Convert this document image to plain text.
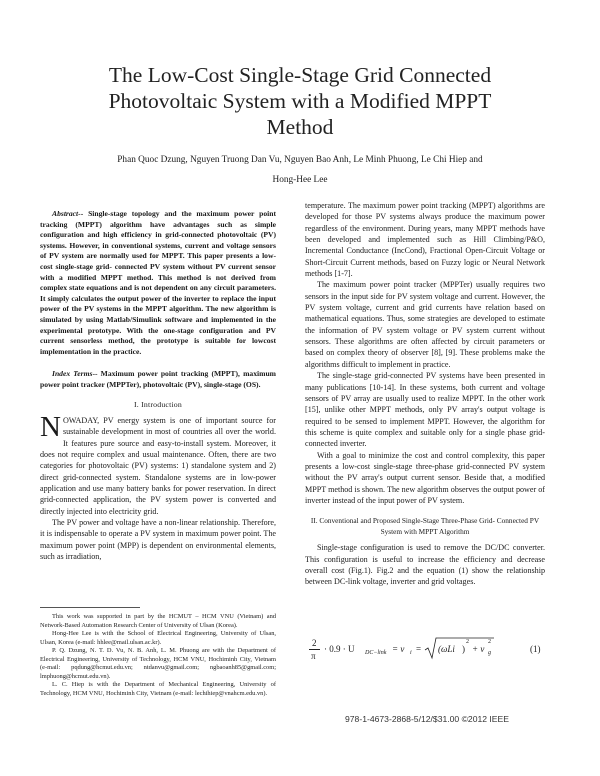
The Low-Cost Single-Stage Grid Connected
Photovoltaic System with a Modified MPPT
Method
Phan Quoc Dzung, Nguyen Truong Dan Vu, Nguyen Bao Anh, Le Minh Phuong, Le Chi Hiep and
Hong-Hee Lee

Abstract-- Single-stage topology and the maximum power point tracking (MPPT) algorithm have advantages such as simple configuration and high efficiency in grid-connected photovoltaic (PV) systems. However, in conventional systems, current and voltage sensors of PV system are normally used for MPPT. This paper presents a low-cost single-stage grid- connected PV system without PV current sensor with a modified MPPT method. This method is not derived from complex state equations and is not dependent on any circuit parameters. It simply calculates the output power of the inverter to replace the input power of the PV systems in the MPPT algorithm. The new algorithm is simulated by using Matlab/Simulink software and implemented in the experimental prototype. With the one-stage configuration and PV current sensorless method, the prototype is suitable for lowcost implementation in the practice.

Index Terms-- Maximum power point tracking (MPPT), maximum power point tracker (MPPTer), photovoltaic (PV), single-stage (OS).

I. Introduction

NOWADAY, PV energy system is one of important source for sustainable development in most of countries all over the world. It features pure source and easy-to-install system. Moreover, it does not require complex and usual maintenance. Often, there are two categories for photovoltaic (PV) systems: 1) standalone system and 2) direct grid-connected system. Standalone systems are in low-power application and use many battery banks for power reservation. In direct grid-connected application, the PV system power is converted and directly injected into electricity grid.

The PV power and voltage have a non-linear relationship. Therefore, it is indispensable to operate a PV system in maximum power point. The maximum power point (MPP) is dependent on environmental elements, such as irradiation,

This work was supported in part by the HCMUT – HCM VNU (Vietnam) and Network-Based Automation Research Center of University of Ulsan (Korea).

Hong-Hee Lee is with the School of Electrical Engineering, University of Ulsan, Ulsan, Korea (e-mail: hhlee@mail.ulsan.ac.kr).

P. Q. Dzung, N. T. D. Vu, N. B. Anh, L. M. Phuong are with the Department of Electrical Engineering, University of Technology, HCM VNU, Hochiminh City, Vietnam (e-mail: pqdung@hcmut.edu.vn; ntdanvu@gmail.com; ngbaoanh85@gmail.com; lmphuong@hcmut.edu.vn).

L. C. Hiep is with the Department of Mechanical Engineering, University of Technology, HCM VNU, Hochiminh City, Vietnam (e-mail: lechihiep@vnahcm.edu.vn).

temperature. The maximum power point tracking (MPPT) algorithms are developed for those PV systems always produce the maximum power regardless of the environment. During years, many MPPT methods have been developed and implemented such as Hill Climbing/P&O, Incremental Conductance (IncCond), Fractional Open-Circuit Voltage or Short-Circuit Current methods, based on Fuzzy logic or Neural Network methods [1-7].

The maximum power point tracker (MPPTer) usually requires two sensors in the input side for PV system voltage and current. However, the PV system voltage, current and grid currents have relation based on mathematical equations. Thus, some strategies are developed to estimate the information of PV system voltage or PV system current without sensors. These algorithms are often affected by circuit parameters or based on complex theory of observer [8], [9]. These problems make the algorithms difficult to implement in practice.

The single-stage grid-connected PV systems have been presented in many publications [10-14]. In these systems, both current and voltage sensors of PV array are usually used to realize MPPT. In the other work [15], unlike other MPPT methods, only PV array's output voltage is required to be sensed to implement MPPT. However, the algorithm for this scheme is quite complex and suitable only for a single phase grid-connected inverter.

With a goal to minimize the cost and control complexity, this paper presents a low-cost single-stage three-phase grid-connected PV system without the PV array's output current sensor. Beside that, a modified MPPT method is shown. The new algorithm observes the output power of inverter instead of the input power of PV system.

II. Conventional and Proposed Single-Stage Three-Phase Grid- Connected PV System with MPPT Algorithm

Single-stage configuration is used to remove the DC/DC converter. This configuration is useful to increase the efficiency and decrease overall cost (Fig.1). Fig.2 and the equation (1) show the relationship between DC-link voltage, inverter and grid voltages.

2
π
· 0.9 · U DC−link = v i = (ωLi )
2
+ v g
2
(1)
978-1-4673-2868-5/12/$31.00 ©2012 IEEE
